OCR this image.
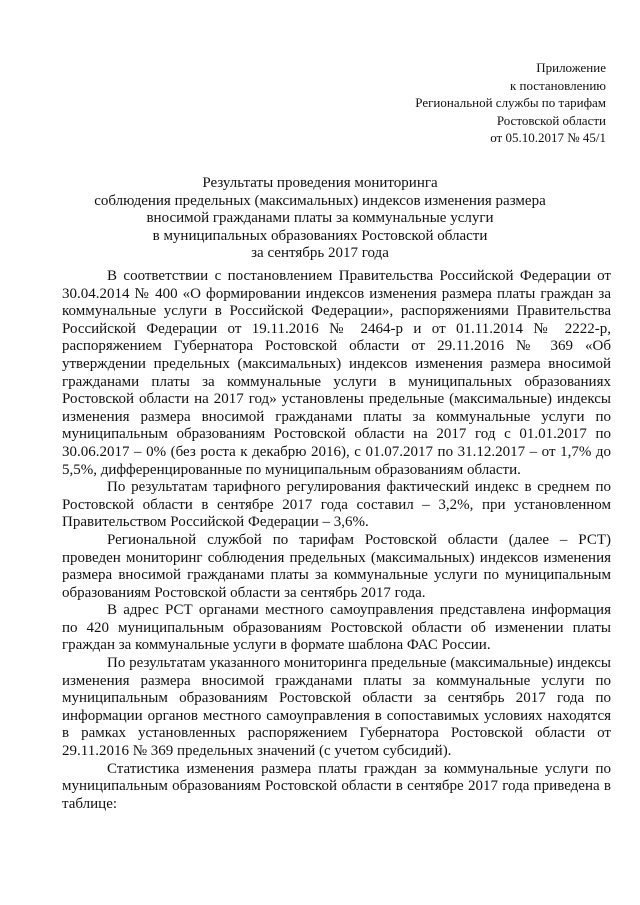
Приложение
к постановлению
Региональной службы по тарифам
Ростовской области
от 05.10.2017 № 45/1
Результаты проведения мониторинга
соблюдения предельных (максимальных) индексов изменения размера
вносимой гражданами платы за коммунальные услуги
в муниципальных образованиях Ростовской области
за сентябрь 2017 года

В соответствии с постановлением Правительства Российской Федерации от 30.04.2014 № 400 «О формировании индексов изменения размера платы граждан за коммунальные услуги в Российской Федерации», распоряжениями Правительства Российской Федерации от 19.11.2016 № 2464-р и от 01.11.2014 № 2222-р, распоряжением Губернатора Ростовской области от 29.11.2016 № 369 «Об утверждении предельных (максимальных) индексов изменения размера вносимой гражданами платы за коммунальные услуги в муниципальных образованиях Ростовской области на 2017 год» установлены предельные (максимальные) индексы изменения размера вносимой гражданами платы за коммунальные услуги по муниципальным образованиям Ростовской области на 2017 год с 01.01.2017 по 30.06.2017 – 0% (без роста к декабрю 2016), с 01.07.2017 по 31.12.2017 – от 1,7% до 5,5%, дифференцированные по муниципальным образованиям области.

По результатам тарифного регулирования фактический индекс в среднем по Ростовской области в сентябре 2017 года составил – 3,2%, при установленном Правительством Российской Федерации – 3,6%.

Региональной службой по тарифам Ростовской области (далее – РСТ) проведен мониторинг соблюдения предельных (максимальных) индексов изменения размера вносимой гражданами платы за коммунальные услуги по муниципальным образованиям Ростовской области за сентябрь 2017 года.

В адрес РСТ органами местного самоуправления представлена информация по 420 муниципальным образованиям Ростовской области об изменении платы граждан за коммунальные услуги в формате шаблона ФАС России.

По результатам указанного мониторинга предельные (максимальные) индексы изменения размера вносимой гражданами платы за коммунальные услуги по муниципальным образованиям Ростовской области за сентябрь 2017 года по информации органов местного самоуправления в сопоставимых условиях находятся в рамках установленных распоряжением Губернатора Ростовской области от 29.11.2016 № 369 предельных значений (с учетом субсидий).

Статистика изменения размера платы граждан за коммунальные услуги по муниципальным образованиям Ростовской области в сентябре 2017 года приведена в таблице:
